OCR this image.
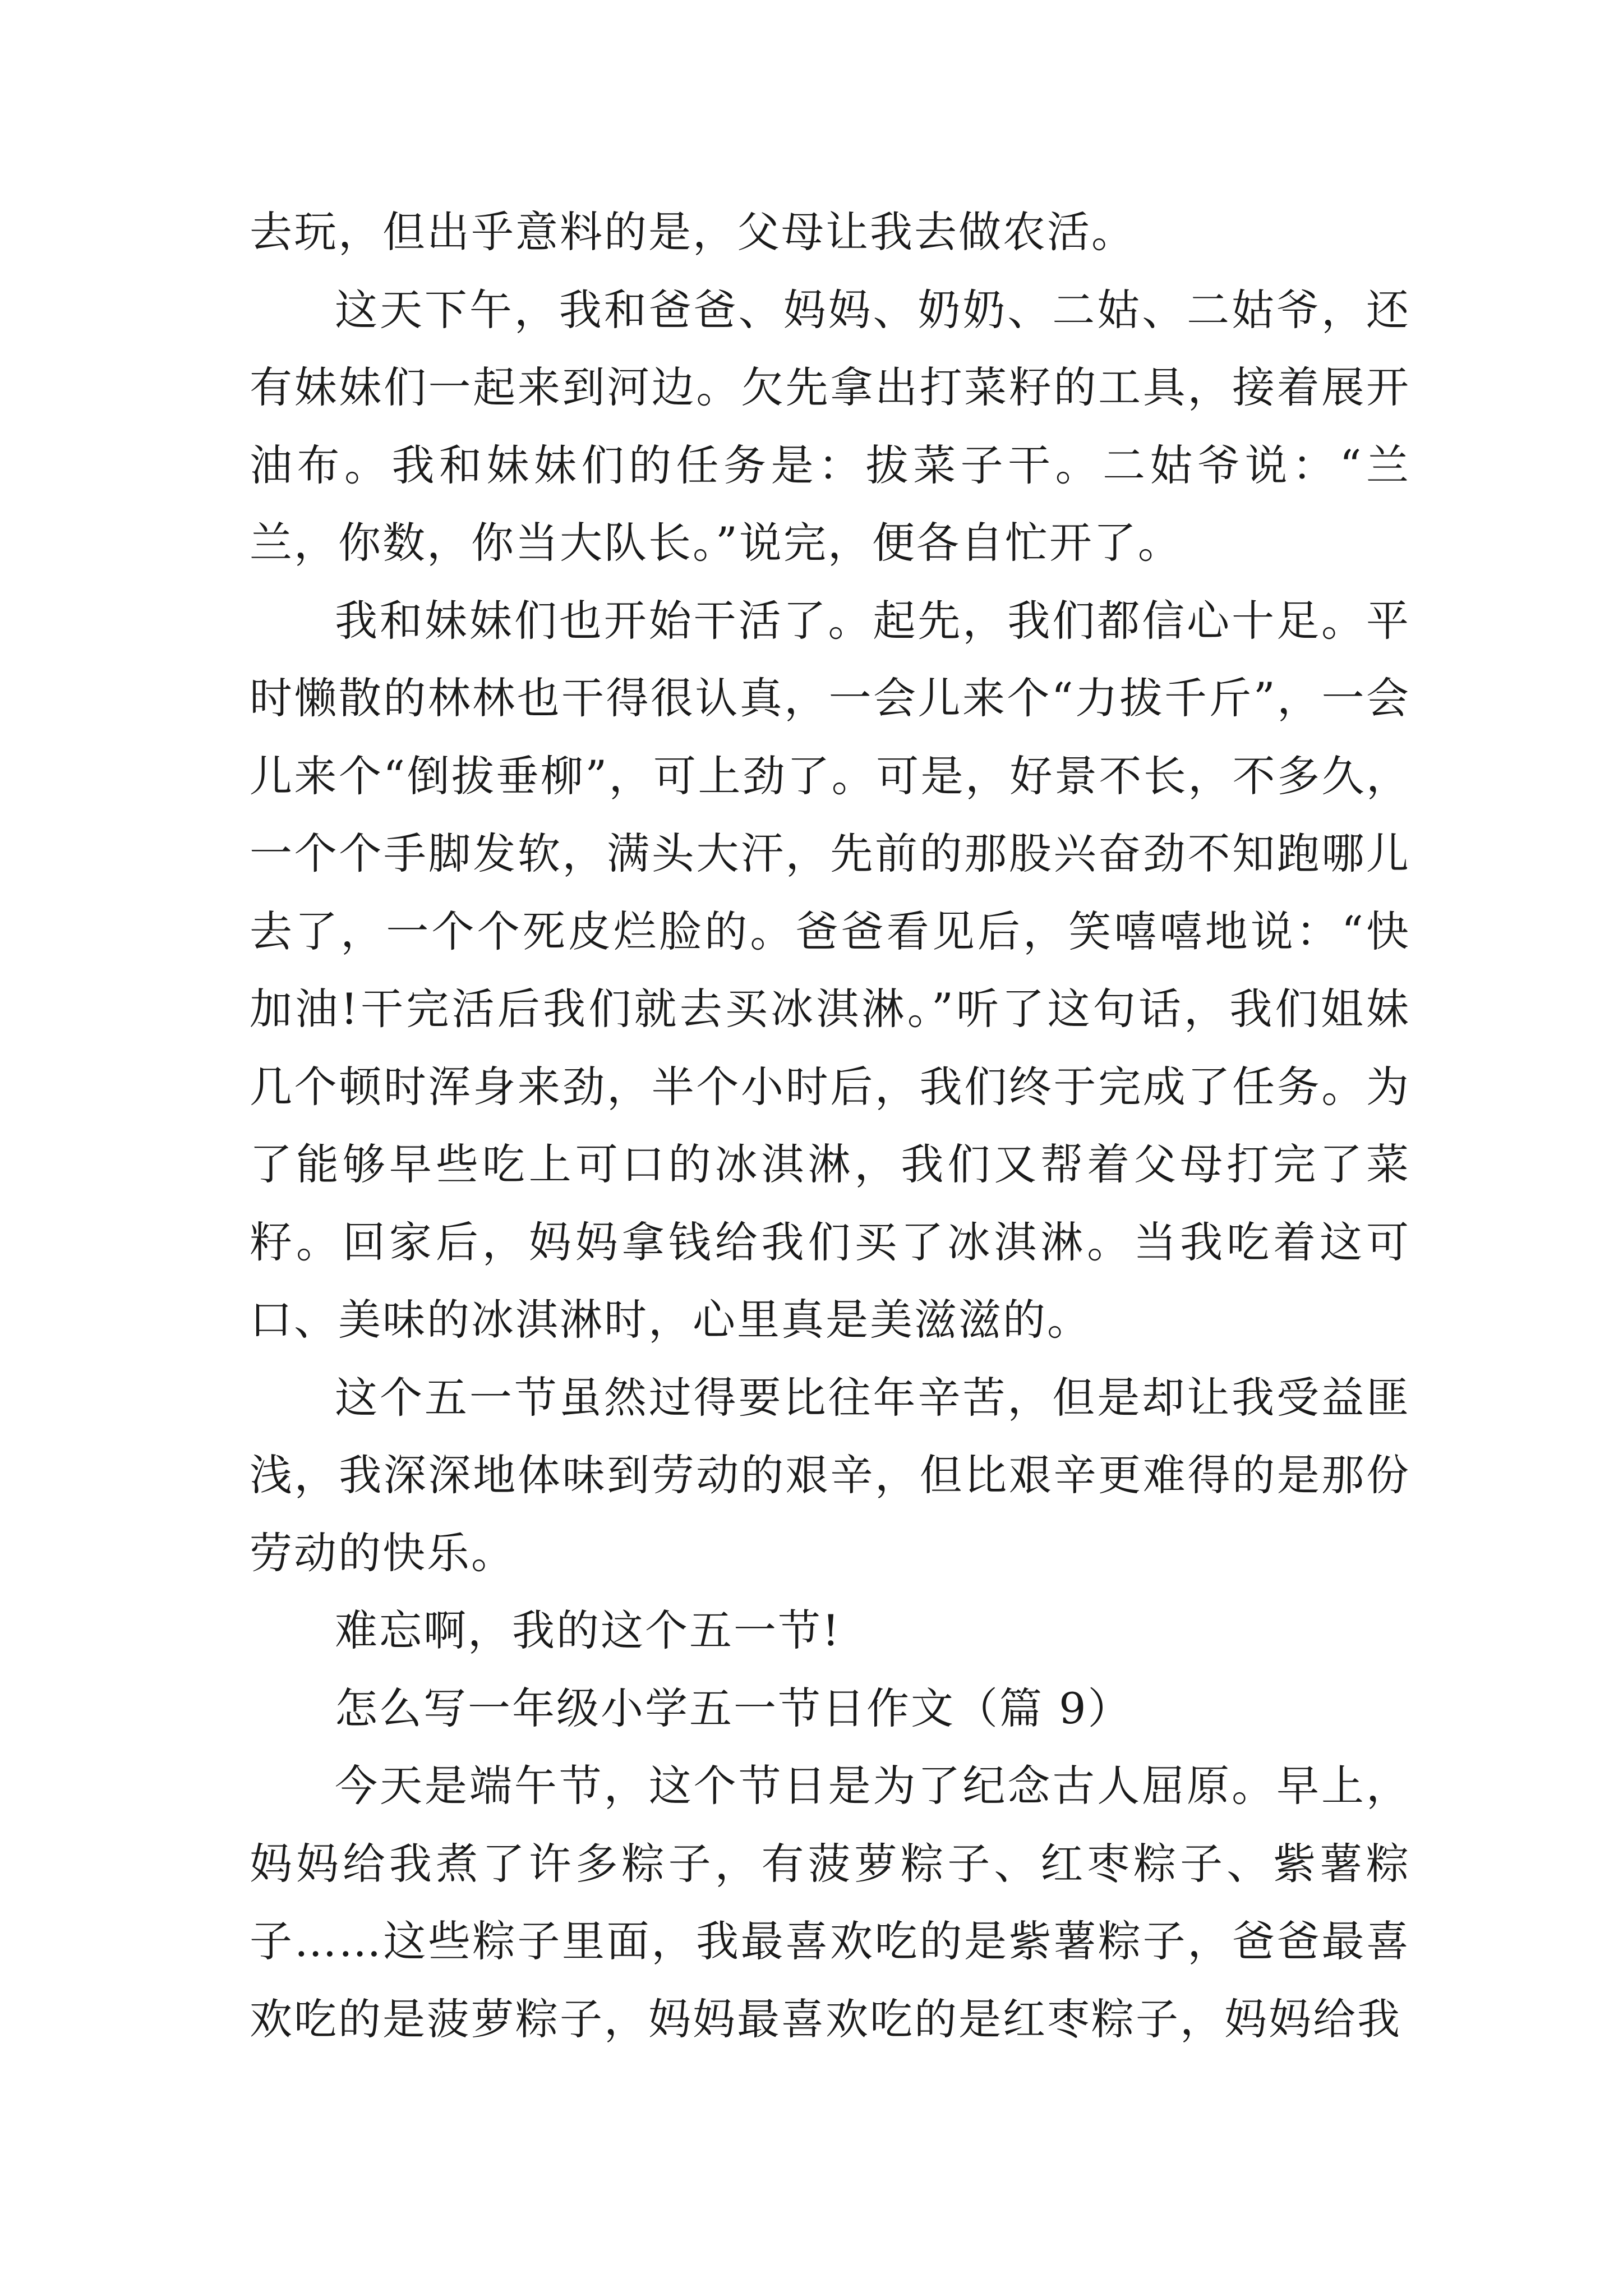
去玩，但出乎意料的是，父母让我去做农活。

这天下午，我和爸爸、妈妈、奶奶、二姑、二姑爷，还有妹妹们一起来到河边。欠先拿出打菜籽的工具，接着展开油布。我和妹妹们的任务是：拔菜子干。二姑爷说：“兰兰，你数，你当大队长。”说完，便各自忙开了。

我和妹妹们也开始干活了。起先，我们都信心十足。平时懒散的林林也干得很认真，一会儿来个“力拔千斤”，一会儿来个“倒拔垂柳”，可上劲了。可是，好景不长，不多久，一个个手脚发软，满头大汗，先前的那股兴奋劲不知跑哪儿去了，一个个死皮烂脸的。爸爸看见后，笑嘻嘻地说：“快加油!干完活后我们就去买冰淇淋。”听了这句话，我们姐妹几个顿时浑身来劲，半个小时后，我们终于完成了任务。为了能够早些吃上可口的冰淇淋，我们又帮着父母打完了菜籽。回家后，妈妈拿钱给我们买了冰淇淋。当我吃着这可口、美味的冰淇淋时，心里真是美滋滋的。

这个五一节虽然过得要比往年辛苦，但是却让我受益匪浅，我深深地体味到劳动的艰辛，但比艰辛更难得的是那份劳动的快乐。

难忘啊，我的这个五一节!

怎么写一年级小学五一节日作文（篇 9）

今天是端午节，这个节日是为了纪念古人屈原。早上，妈妈给我煮了许多粽子，有菠萝粽子、红枣粽子、紫薯粽子……这些粽子里面，我最喜欢吃的是紫薯粽子，爸爸最喜欢吃的是菠萝粽子，妈妈最喜欢吃的是红枣粽子，妈妈给我
